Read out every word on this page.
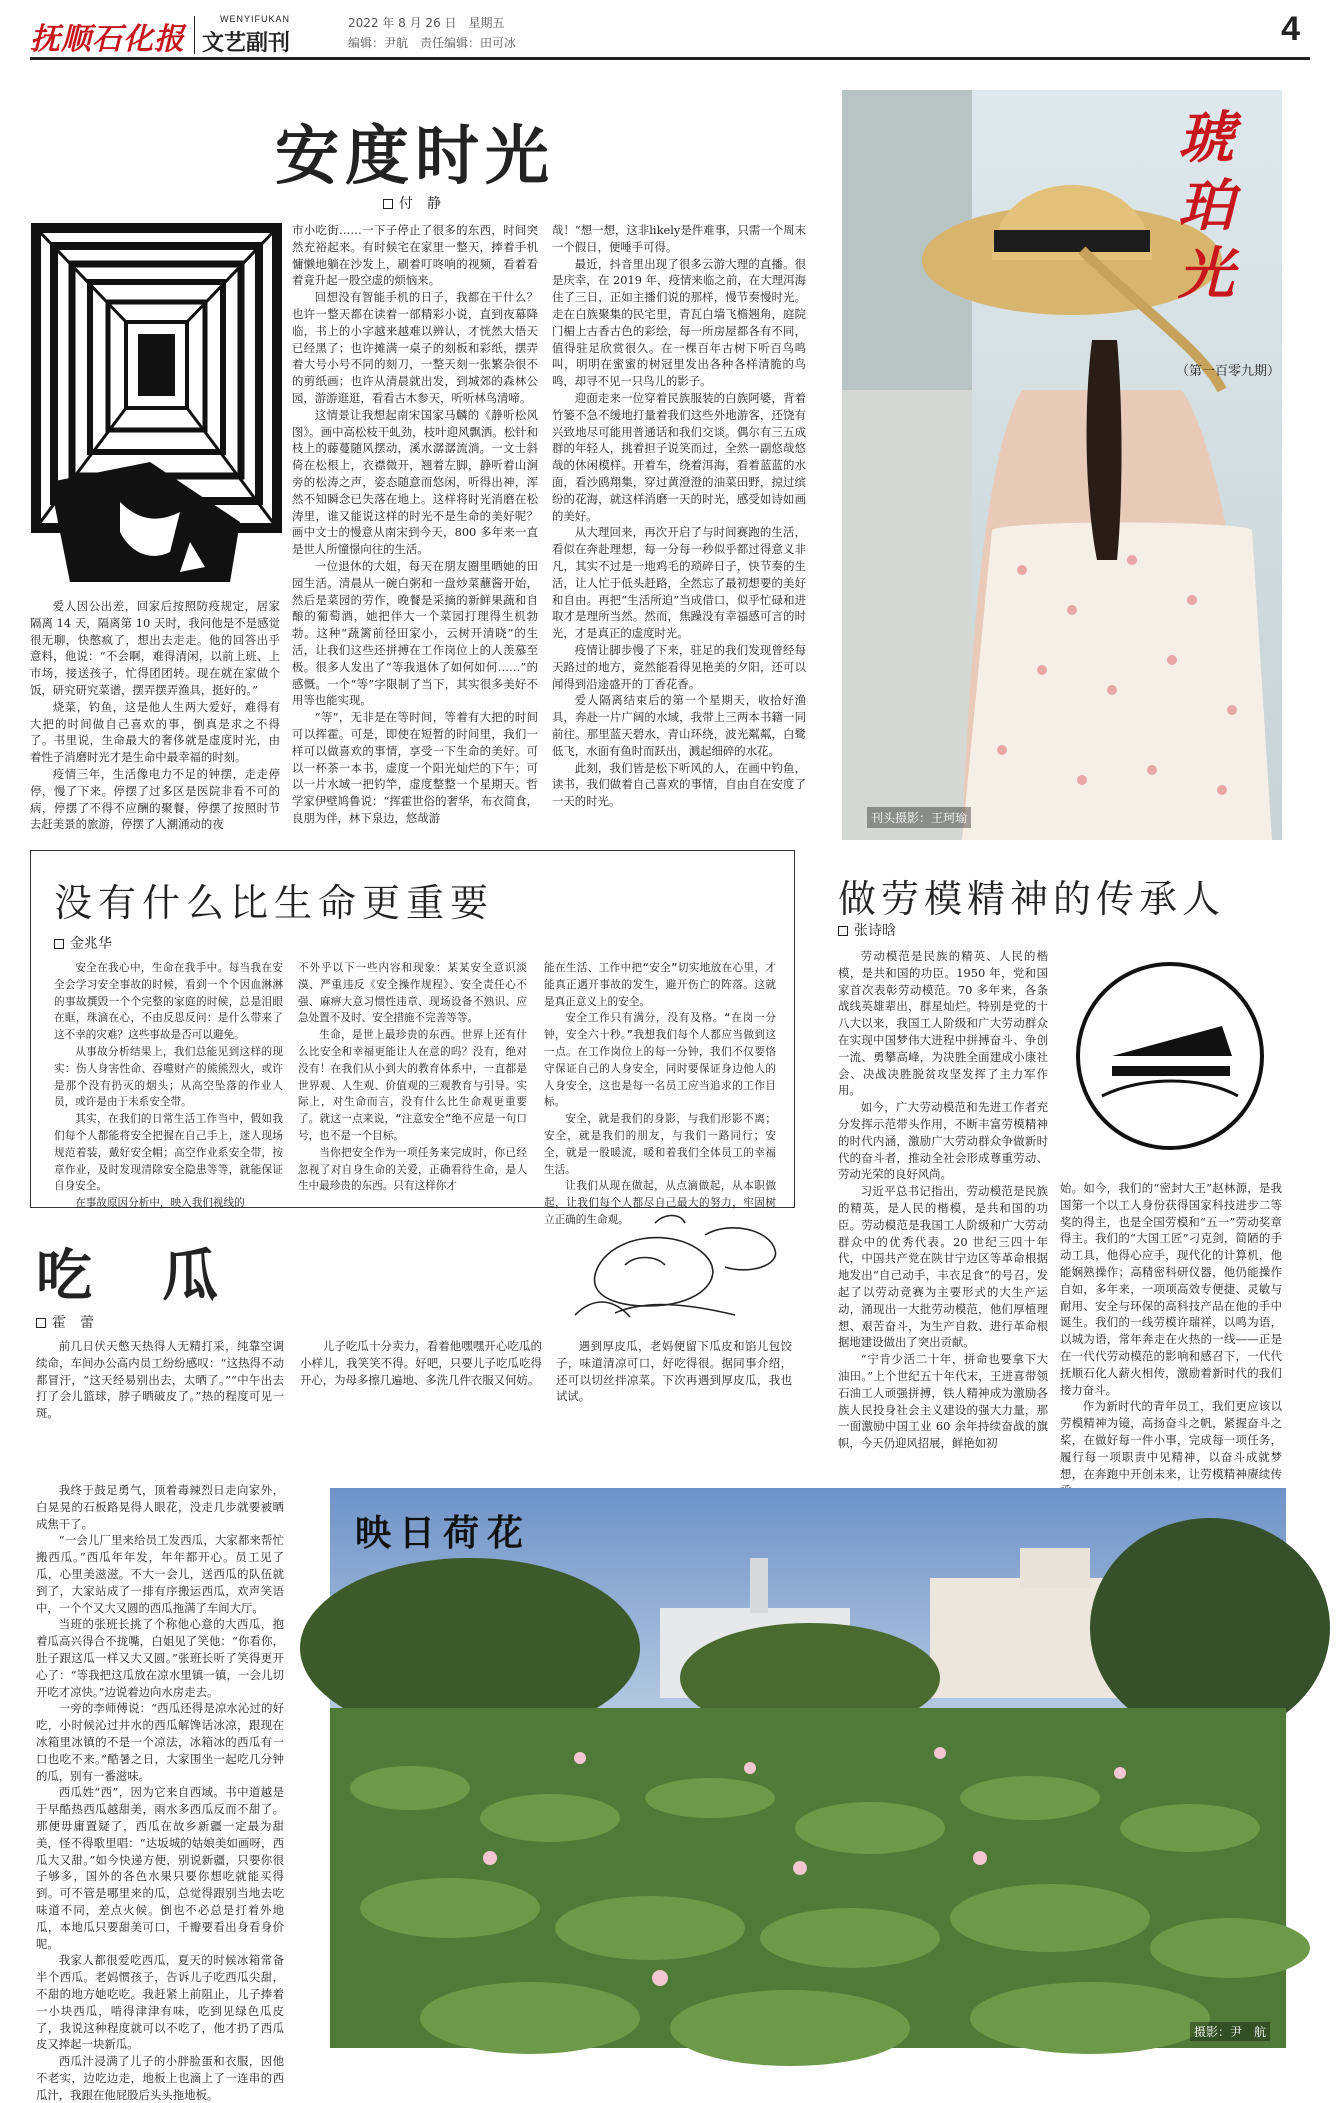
抚顺石化报
WENYIFUKAN
文艺副刊
2022 年 8 月 26 日　星期五
编辑：尹航　责任编辑：田可冰	4
安度时光
付　静

爱人因公出差，回家后按照防疫规定，居家隔离 14 天，隔离第 10 天时，我问他是不是感觉很无聊，快憋疯了，想出去走走。他的回答出乎意料，他说：“不会啊，难得清闲，以前上班、上市场，接送孩子，忙得团团转。现在就在家做个饭，研究研究菜谱，摆弄摆弄渔具，挺好的。”

烧菜，钓鱼，这是他人生两大爱好，难得有大把的时间做自己喜欢的事，倒真是求之不得了。书里说，生命最大的奢侈就是虚度时光，由着性子消磨时光才是生命中最幸福的时刻。

疫情三年，生活像电力不足的钟摆，走走停停，慢了下来。停摆了过多区是医院非看不可的病，停摆了不得不应酬的聚餐，停摆了按照时节去赶美景的旅游，停摆了人潮涌动的夜

市小吃街……一下子停止了很多的东西，时间突然充裕起来。有时候宅在家里一整天，捧着手机慵懒地躺在沙发上，刷着叮咚响的视频，看着看着竟升起一股空虚的烦恼来。

回想没有智能手机的日子，我都在干什么？也许一整天都在读着一部精彩小说，直到夜幕降临，书上的小字越来越难以辨认，才恍然大悟天已经黑了；也许摊满一桌子的刻板和彩纸，摆弄着大号小号不同的刻刀，一整天刻一张繁杂很不的剪纸画；也许从清晨就出发，到城郊的森林公园，游游逛逛，看看古木参天，听听林鸟清啼。

这情景让我想起南宋国家马麟的《静听松风图》。画中高松枝干虬劲，枝叶迎风飘洒。松针和枝上的藤蔓随风摆动，溪水潺潺流淌。一文士斜倚在松根上，衣襟微开，翘着左脚，静听着山涧旁的松涛之声，姿态随意而悠闲，听得出神，浑然不知瞬念已失落在地上。这样将时光消磨在松涛里，谁又能说这样的时光不是生命的美好呢？画中文士的慢意从南宋到今天，800 多年来一直是世人所憧憬向往的生活。

一位退休的大姐，每天在朋友圈里晒她的田园生活。清晨从一碗白粥和一盘炒菜蘸酱开始，然后是菜园的劳作，晚餐是采摘的新鲜果蔬和自酿的葡萄酒，她把伴大一个菜园打理得生机勃勃。这种“蔬篱前径田家小，云树开清晓”的生活，让我们这些还拼搏在工作岗位上的人羡慕至极。很多人发出了“等我退休了如何如何……”的感慨。一个“等”字限制了当下，其实很多美好不用等也能实现。

“等”，无非是在等时间，等着有大把的时间可以挥霍。可是，即使在短暂的时间里，我们一样可以做喜欢的事情，享受一下生命的美好。可以一杯茶一本书，虚度一个阳光灿烂的下午；可以一片水域一把钓竿，虚度整整一个星期天。哲学家伊壁鸠鲁说：“挥霍世俗的奢华，布衣简食，良朋为伴，林下泉边，悠哉游

哉！”想一想，这非likely是件难事，只需一个周末一个假日，便唾手可得。

最近，抖音里出现了很多云游大理的直播。很是庆幸，在 2019 年，疫情来临之前，在大理洱海住了三日，正如主播们说的那样，慢节奏慢时光。走在白族聚集的民宅里，青瓦白墙飞檐翘角，庭院门楣上古香古色的彩绘，每一所房屋都各有不同，值得驻足欣赏很久。在一棵百年古树下听百鸟鸣叫，明明在蜜蜜的树冠里发出各种各样清脆的鸟鸣，却寻不见一只鸟儿的影子。

迎面走来一位穿着民族服装的白族阿婆，背着竹篓不急不缓地打量着我们这些外地游客，还饶有兴致地尽可能用普通话和我们交谈。偶尔有三五成群的年轻人，挑着担子说笑而过，全然一副悠哉悠哉的休闲模样。开着车，绕着洱海，看着蓝蓝的水面，看沙鸥翔集，穿过黄澄澄的油菜田野，掠过缤纷的花海，就这样消磨一天的时光，感受如诗如画的美好。

从大理回来，再次开启了与时间赛跑的生活，看似在奔赴理想，每一分每一秒似乎都过得意义非凡，其实不过是一地鸡毛的琐碎日子，快节奏的生活，让人忙于低头赶路，全然忘了最初想要的美好和自由。再把“生活所迫”当成借口，似乎忙碌和进取才是理所当然。然而，焦躁没有幸福感可言的时光，才是真正的虚度时光。

疫情让脚步慢了下来，驻足的我们发现曾经每天路过的地方，竟然能看得见艳美的夕阳，还可以闻得到沿途盛开的丁香花香。

爱人隔离结束后的第一个星期天，收拾好渔具，奔赴一片广阔的水域，我带上三两本书籍一同前往。那里蓝天碧水，青山环绕，波光粼粼，白鹭低飞，水面有鱼时而跃出，溅起细碎的水花。

此刻，我们皆是松下听风的人，在画中钓鱼，读书，我们做着自己喜欢的事情，自由自在安度了一天的时光。

琥珀光
（第一百零九期）
刊头摄影：王珂瑜
没有什么比生命更重要
金兆华

安全在我心中，生命在我手中。每当我在安全会学习安全事故的时候，看到一个个因血淋淋的事故撰毁一个个完整的家庭的时候，总是泪眼在眶，珠滴在心，不由反思反问：是什么带来了这不幸的灾难？这些事故是否可以避免。

从事故分析结果上，我们总能见到这样的现实：伤人身害性命、吞噬财产的熊熊烈火，或许是那个没有扔灭的烟头；从高空坠落的作业人员，或许是由于未系安全带。

其实，在我们的日常生活工作当中，假如我们每个人都能将安全把握在自己手上，迷人现场规范着装，戴好安全帽；高空作业系安全带，按章作业，及时发现清除安全隐患等等，就能保证自身安全。

在事故原因分析中，映入我们视线的

不外乎以下一些内容和现象：某某安全意识淡漠、严重违反《安全操作规程》、安全责任心不强、麻痹大意习惯性违章、现场设备不熟识、应急处置不及时、安全措施不完善等等。

生命，是世上最珍贵的东西。世界上还有什么比安全和幸福更能让人在意的吗？没有，绝对没有！在我们从小到大的教育体系中，一直都是世界观、人生观、价值观的三观教育与引导。实际上，对生命而言，没有什么比生命观更重要了。就这一点来说，“注意安全”绝不应是一句口号，也不是一个目标。

当你把安全作为一项任务来完成时，你已经忽视了对自身生命的关爱，正确看待生命，是人生中最珍贵的东西。只有这样你才

能在生活、工作中把“安全”切实地放在心里，才能真正遇开事故的发生，避开伤亡的阵落。这就是真正意义上的安全。

安全工作只有满分，没有及格。“在岗一分钟，安全六十秒。”我想我们每个人都应当做到这一点。在工作岗位上的每一分钟，我们不仅要恪守保证自己的人身安全，同时要保证身边他人的人身安全，这也是每一名员工应当追求的工作目标。

安全，就是我们的身影，与我们形影不离；安全，就是我们的朋友，与我们一路同行；安全，就是一股暖流，暖和着我们全体员工的幸福生活。

让我们从现在做起，从点滴做起，从本职做起，让我们每个人都尽自己最大的努力，牢固树立正确的生命观。

做劳模精神的传承人
张诗晗

劳动模范是民族的精英、人民的楷模，是共和国的功臣。1950 年，党和国家首次表彰劳动模范。70 多年来，各条战线英雄辈出，群星灿烂。特别是党的十八大以来，我国工人阶级和广大劳动群众在实现中国梦伟大进程中拼搏奋斗、争创一流、勇攀高峰，为决胜全面建成小康社会、决战决胜脱贫攻坚发挥了主力军作用。

如今，广大劳动模范和先进工作者充分发挥示范带头作用，不断丰富劳模精神的时代内涵，激励广大劳动群众争做新时代的奋斗者，推动全社会形成尊重劳动、劳动光荣的良好风尚。

习近平总书记指出，劳动模范是民族的精英，是人民的楷模，是共和国的功臣。劳动模范是我国工人阶级和广大劳动群众中的优秀代表。20 世纪三四十年代，中国共产党在陕甘宁边区等革命根据地发出“自己动手，丰衣足食”的号召，发起了以劳动竞赛为主要形式的大生产运动，涌现出一大批劳动模范，他们厚植理想、艰苦奋斗，为生产自救、进行革命根据地建设做出了突出贡献。

“宁肯少活二十年，拼命也要拿下大油田。”上个世纪五十年代末，王进喜带领石油工人顽强拼搏，铁人精神成为激励各族人民投身社会主义建设的强大力量，那一面激励中国工业 60 余年持续奋战的旗帜，今天仍迎风招展，鲜艳如初

始。如今，我们的“密封大王”赵林源，是我国第一个以工人身份获得国家科技进步二等奖的得主，也是全国劳模和“五一”劳动奖章得主。我们的“大国工匠”刁克剑，简陋的手动工具，他得心应手，现代化的计算机，他能娴熟操作；高精密科研仪器，他仍能操作自如，多年来，一项项高效专便捷、灵敏与耐用、安全与环保的高科技产品在他的手中诞生。我们的一线劳模许瑞祥，以鸣为语，以城为语，常年奔走在火热的一线——正是在一代代劳动模范的影响和感召下，一代代抚顺石化人薪火相传，激励着新时代的我们接力奋斗。

作为新时代的青年员工，我们更应该以劳模精神为镜，高扬奋斗之帆，紧握奋斗之桨，在做好每一件小事，完成每一项任务，履行每一项职责中见精神，以奋斗成就梦想，在奔跑中开创未来，让劳模精神赓续传

吃瓜
霍　蕾

前几日伏天憋天热得人无精打采，纯靠空调续命，车间办公高内员工纷纷感叹：“这热得不动都冒汗，“这天经易别出去，太晒了。”“中午出去打了会儿篮球，脖子晒破皮了。”热的程度可见一斑。

我终于鼓足勇气，顶着毒辣烈日走向家外，白晃晃的石板路晃得人眼花，没走几步就要被晒成焦干了。

“一会儿厂里来给员工发西瓜，大家都来帮忙搬西瓜。”西瓜年年发，年年都开心。员工见了瓜，心里美滋滋。不大一会儿，送西瓜的队伍就到了，大家站成了一排有序搬运西瓜，欢声笑语中，一个个又大又圆的西瓜拖满了车间大厅。

当班的张班长挑了个称他心意的大西瓜，抱着瓜高兴得合不拢嘴，白姐见了笑他：“你看你，肚子跟这瓜一样又大又圆。”张班长听了笑得更开心了：“等我把这瓜放在凉水里镇一镇，一会儿切开吃才凉快。”边说着边向水房走去。

一旁的李师傅说：“西瓜还得是凉水沁过的好吃，小时候沁过井水的西瓜解馋话冰凉，跟现在冰箱里冰镇的不是一个凉法，冰箱冰的西瓜有一口也吃不来。”酷暑之日，大家围坐一起吃几分钟的瓜，别有一番滋味。

西瓜姓“西”，因为它来自西域。书中道越是于早酷热西瓜越甜美，雨水多西瓜反而不甜了。那便毋庸置疑了，西瓜在故乡新疆一定最为甜美，怪不得歌里唱：“达坂城的姑娘美如画呀，西瓜大又甜。”如今快递方便，别说新疆，只要你很子够多，国外的各色水果只要你想吃就能买得到。可不管是哪里来的瓜，总觉得跟别当地去吃味道不同，差点火候。倒也不必总是打着外地瓜，本地瓜只要甜美可口，千瓣要看出身看身价呢。

我家人都很爱吃西瓜，夏天的时候冰箱常备半个西瓜。老妈惯孩子，告诉儿子吃西瓜尖甜，不甜的地方她吃吃。我赶紧上前阻止，儿子捧着一小块西瓜，啃得津津有味，吃到见绿色瓜皮了，我说这种程度就可以不吃了，他才扔了西瓜皮又捧起一块新瓜。

西瓜汁浸满了儿子的小胖脸蛋和衣服，因他不老实，边吃边走，地板上也滴上了一连串的西瓜汁，我跟在他屁股后头头拖地板。

儿子吃瓜十分卖力，看着他嘿嘿开心吃瓜的小样儿，我笑笑不得。好吧，只要儿子吃瓜吃得开心，为母多擦几遍地、多洗几件衣服又何妨。

遇到厚皮瓜，老妈便留下瓜皮和馅儿包饺子，味道清凉可口，好吃得很。据同事介绍，还可以切丝拌凉菜。下次再遇到厚皮瓜，我也试试。

映日荷花
摄影：尹　航
